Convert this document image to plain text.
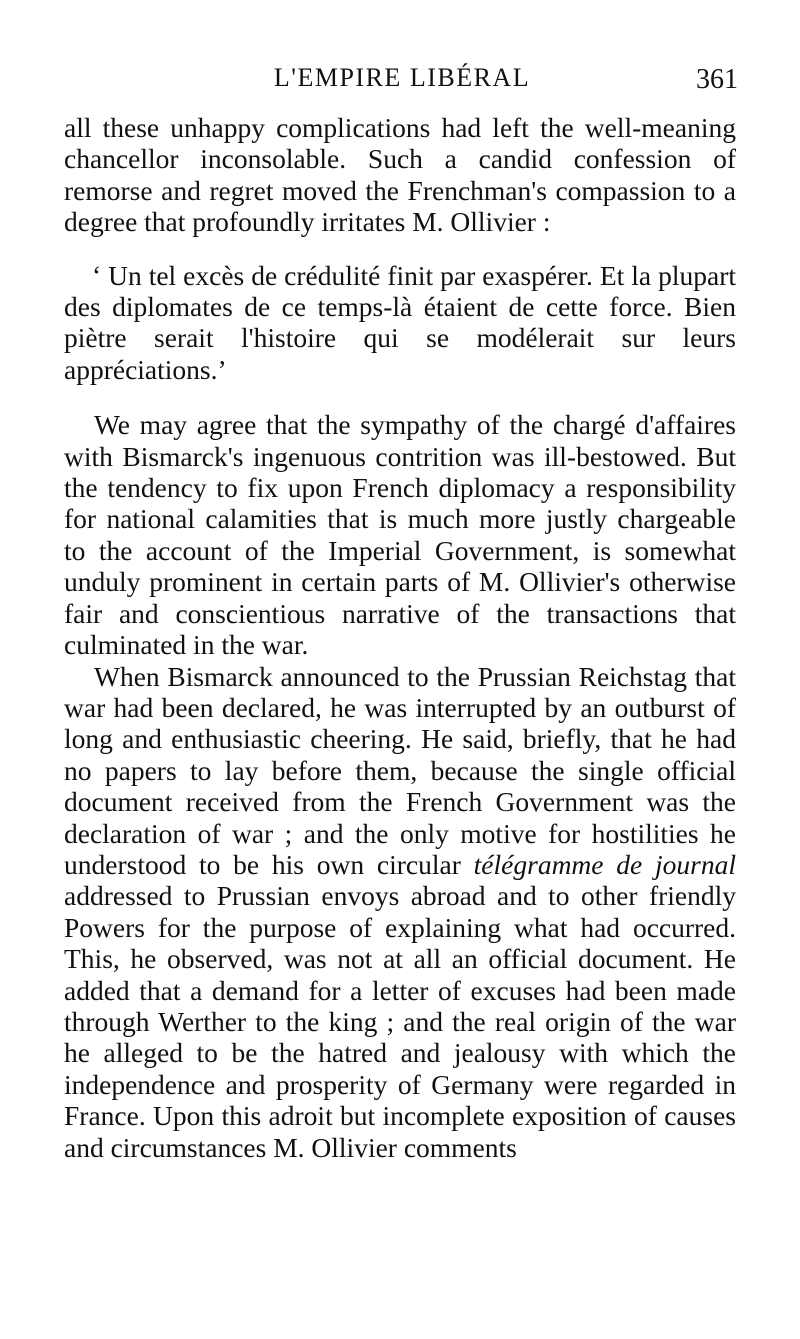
L'EMPIRE LIBÉRAL	361

all these unhappy complications had left the well-meaning chancellor inconsolable. Such a candid confession of remorse and regret moved the Frenchman's compassion to a degree that profoundly irritates M. Ollivier :

‘ Un tel excès de crédulité finit par exaspérer. Et la plupart des diplomates de ce temps-là étaient de cette force. Bien piètre serait l'histoire qui se modélerait sur leurs appréciations.’

We may agree that the sympathy of the chargé d'affaires with Bismarck's ingenuous contrition was ill-bestowed. But the tendency to fix upon French diplomacy a responsibility for national calamities that is much more justly chargeable to the account of the Imperial Government, is somewhat unduly prominent in certain parts of M. Ollivier's otherwise fair and conscientious narrative of the transactions that culminated in the war.

When Bismarck announced to the Prussian Reichstag that war had been declared, he was interrupted by an outburst of long and enthusiastic cheering. He said, briefly, that he had no papers to lay before them, because the single official document received from the French Government was the declaration of war ; and the only motive for hostilities he understood to be his own circular télégramme de journal addressed to Prussian envoys abroad and to other friendly Powers for the purpose of explaining what had occurred. This, he observed, was not at all an official document. He added that a demand for a letter of excuses had been made through Werther to the king ; and the real origin of the war he alleged to be the hatred and jealousy with which the independence and prosperity of Germany were regarded in France. Upon this adroit but incomplete exposition of causes and circumstances M. Ollivier comments
